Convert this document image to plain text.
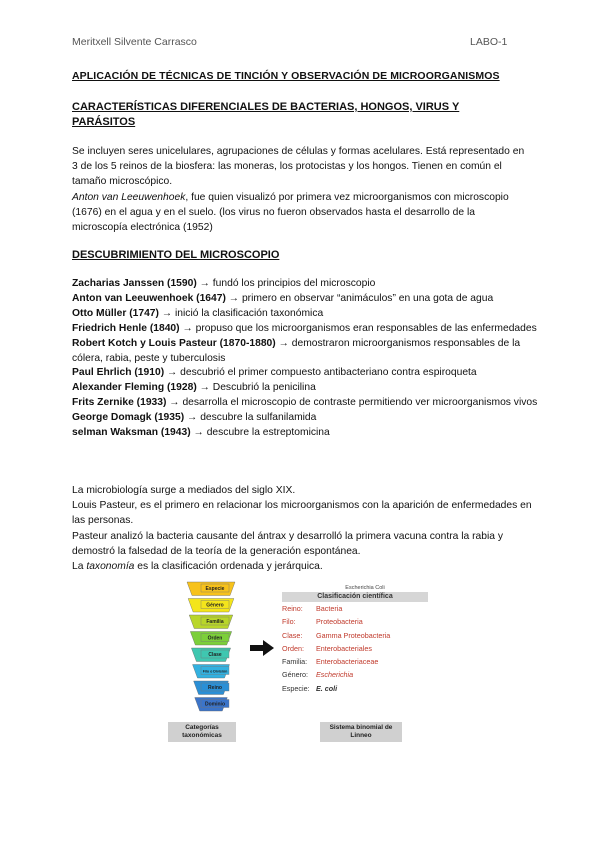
Meritxell Silvente Carrasco	LABO-1
APLICACIÓN DE TÉCNICAS DE TINCIÓN Y OBSERVACIÓN DE MICROORGANISMOS
CARACTERÍSTICAS DIFERENCIALES DE BACTERIAS, HONGOS, VIRUS Y
PARÁSITOS

Se incluyen seres unicelulares, agrupaciones de células y formas acelulares. Está representado en 3 de los 5 reinos de la biosfera: las moneras, los protocistas y los hongos. Tienen en común el tamaño microscópico.

Anton van Leeuwenhoek, fue quien visualizó por primera vez microorganismos con microscopio (1676) en el agua y en el suelo. (los virus no fueron observados hasta el desarrollo de la microscopía electrónica (1952)

DESCUBRIMIENTO DEL MICROSCOPIO

Zacharias Janssen (1590) → fundó los principios del microscopio

Anton van Leeuwenhoek (1647) → primero en observar “animáculos” en una gota de agua

Otto Müller (1747) → inició la clasificación taxonómica

Friedrich Henle (1840) → propuso que los microorganismos eran responsables de las enfermedades

Robert Kotch y Louis Pasteur (1870-1880) → demostraron microorganismos responsables de la cólera, rabia, peste y tuberculosis

Paul Ehrlich (1910) → descubrió el primer compuesto antibacteriano contra espiroqueta

Alexander Fleming (1928) → Descubrió la penicilina

Frits Zernike (1933) → desarrolla el microscopio de contraste permitiendo ver microorganismos vivos

George Domagk (1935) → descubre la sulfanilamida

selman Waksman (1943) → descubre la estreptomicina

La microbiología surge a mediados del siglo XIX.

Louis Pasteur, es el primero en relacionar los microorganismos con la aparición de enfermedades en las personas.

Pasteur analizó la bacteria causante del ántrax y desarrolló la primera vacuna contra la rabia y demostró la falsedad de la teoría de la generación espontánea.

La taxonomía es la clasificación ordenada y jerárquica.

Especie
Género
Familia
Orden
Clase
Filo o División
Reino
Dominio
Escherichia Coli
Clasificación científica
Reino:	Bacteria
Filo:	Proteobacteria
Clase:	Gamma Proteobacteria
Orden:	Enterobacteriales
Familia:	Enterobacteriaceae
Género:	Escherichia
Especie: E. coli
Categorías taxonómicas
Sistema binomial de Linneo
